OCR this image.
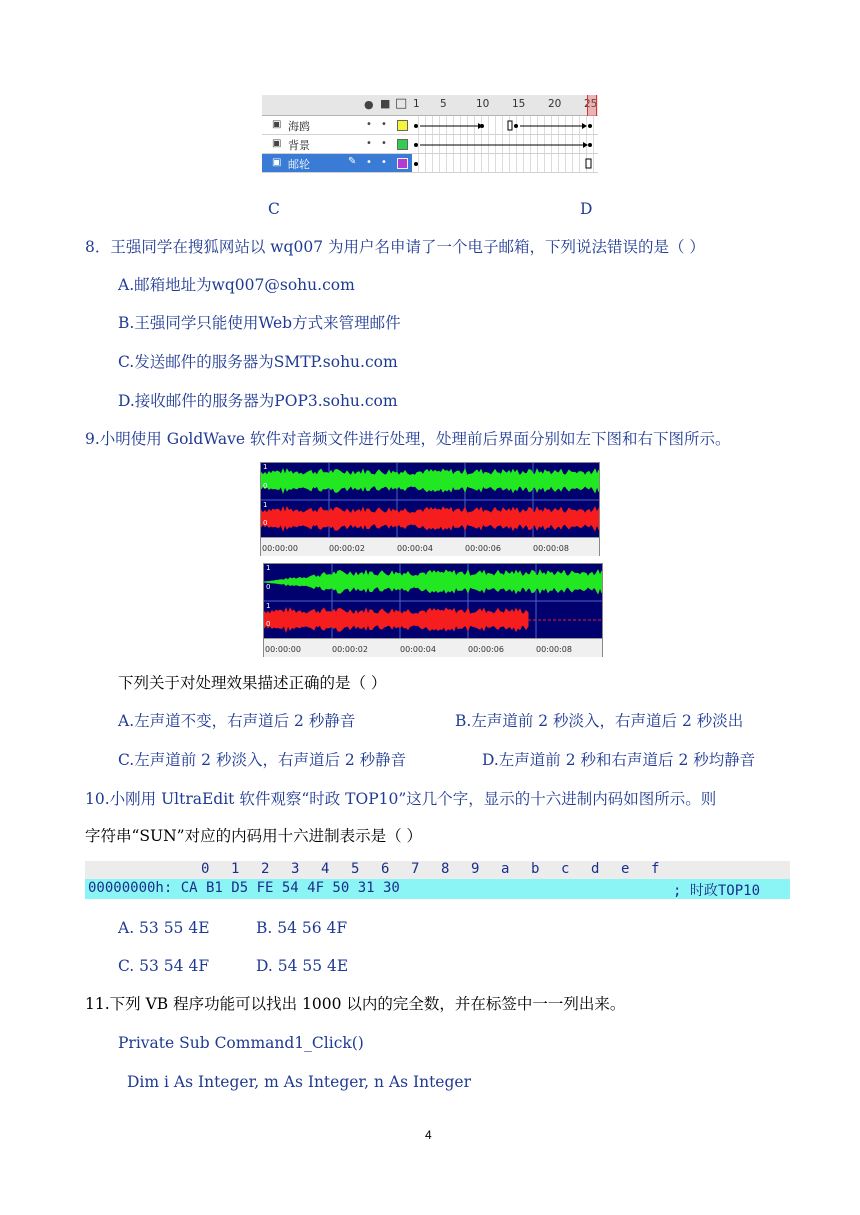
● ■ □ 1 5	10 15 20 25
▣ 海鸥	• •
▣ 背景	• •
▣ 邮轮	✎ • •
C	D
8．王强同学在搜狐网站以 wq007 为用户名申请了一个电子邮箱，下列说法错误的是（ ）
A.邮箱地址为wq007@sohu.com
B.王强同学只能使用Web方式来管理邮件
C.发送邮件的服务器为SMTP.sohu.com
D.接收邮件的服务器为POP3.sohu.com
9.小明使用 GoldWave 软件对音频文件进行处理，处理前后界面分别如左下图和右下图所示。
1
0
1
0
00:00:00	00:00:02	00:00:04	00:00:06	00:00:08
1
0
1
0
00:00:00	00:00:02	00:00:04	00:00:06	00:00:08
下列关于对处理效果描述正确的是（ ）
A.左声道不变，右声道后 2 秒静音	B.左声道前 2 秒淡入，右声道后 2 秒淡出
C.左声道前 2 秒淡入，右声道后 2 秒静音	D.左声道前 2 秒和右声道后 2 秒均静音
10.小刚用 UltraEdit 软件观察“时政 TOP10”这几个字，显示的十六进制内码如图所示。则
字符串“SUN”对应的内码用十六进制表示是（ ）
0 1 2 3 4 5 6 7 8 9 a b c d e f
00000000h: CA B1 D5 FE 54 4F 50 31 30	; 时政TOP10
A. 53 55 4E	B. 54 56 4F
C. 53 54 4F	D. 54 55 4E
11.下列 VB 程序功能可以找出 1000 以内的完全数，并在标签中一一列出来。
Private Sub Command1_Click()
Dim i As Integer, m As Integer, n As Integer
4
